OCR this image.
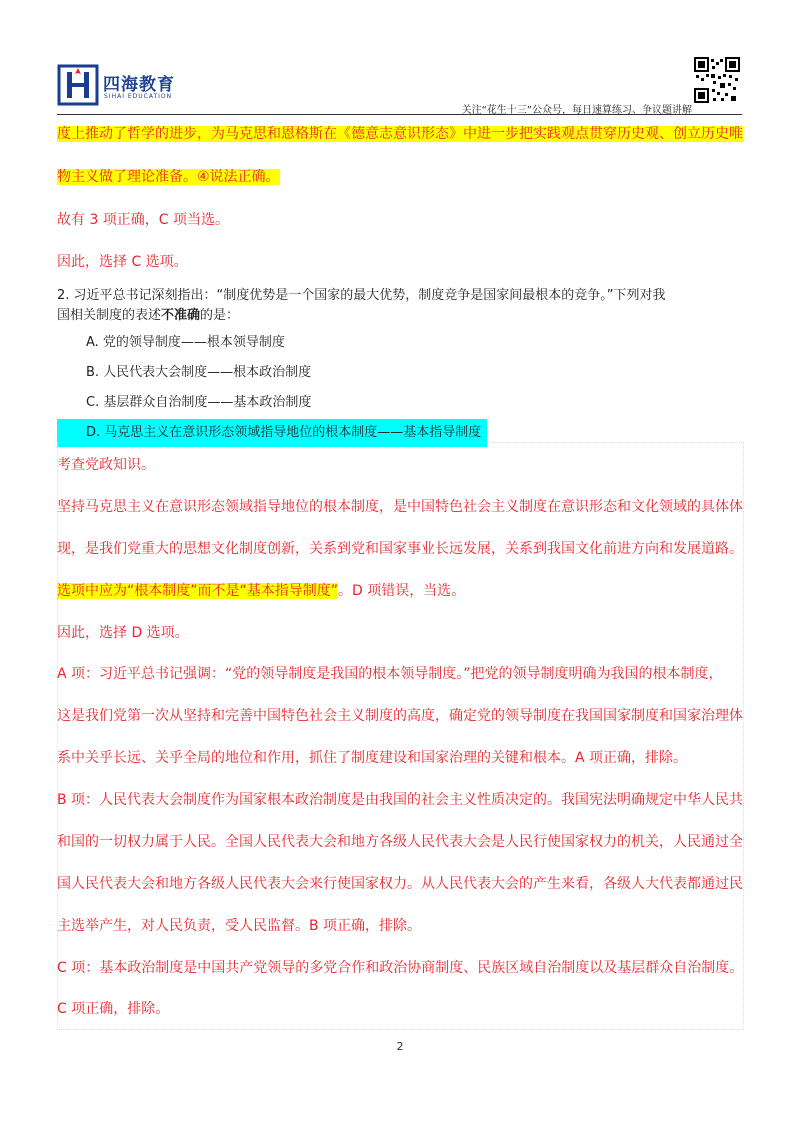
四海教育
SIHAI EDUCATION
关注“花生十三”公众号，每日速算练习、争议题讲解
度上推动了哲学的进步，为马克思和恩格斯在《德意志意识形态》中进一步把实践观点贯穿历史观、创立历史唯
物主义做了理论准备。④说法正确。
故有 3 项正确，C 项当选。
因此，选择 C 选项。
2. 习近平总书记深刻指出：“制度优势是一个国家的最大优势，制度竞争是国家间最根本的竞争。”下列对我
国相关制度的表述不准确的是：
A. 党的领导制度——根本领导制度
B. 人民代表大会制度——根本政治制度
C. 基层群众自治制度——基本政治制度
D. 马克思主义在意识形态领域指导地位的根本制度——基本指导制度
考查党政知识。
坚持马克思主义在意识形态领域指导地位的根本制度，是中国特色社会主义制度在意识形态和文化领域的具体体
现，是我们党重大的思想文化制度创新，关系到党和国家事业长远发展，关系到我国文化前进方向和发展道路。
选项中应为“根本制度”而不是“基本指导制度”。D 项错误，当选。
因此，选择 D 选项。
A 项：习近平总书记强调：“党的领导制度是我国的根本领导制度。”把党的领导制度明确为我国的根本制度，
这是我们党第一次从坚持和完善中国特色社会主义制度的高度，确定党的领导制度在我国国家制度和国家治理体
系中关乎长远、关乎全局的地位和作用，抓住了制度建设和国家治理的关键和根本。A 项正确，排除。
B 项：人民代表大会制度作为国家根本政治制度是由我国的社会主义性质决定的。我国宪法明确规定中华人民共
和国的一切权力属于人民。全国人民代表大会和地方各级人民代表大会是人民行使国家权力的机关，人民通过全
国人民代表大会和地方各级人民代表大会来行使国家权力。从人民代表大会的产生来看，各级人大代表都通过民
主选举产生，对人民负责，受人民监督。B 项正确，排除。
C 项：基本政治制度是中国共产党领导的多党合作和政治协商制度、民族区域自治制度以及基层群众自治制度。
C 项正确，排除。
2
